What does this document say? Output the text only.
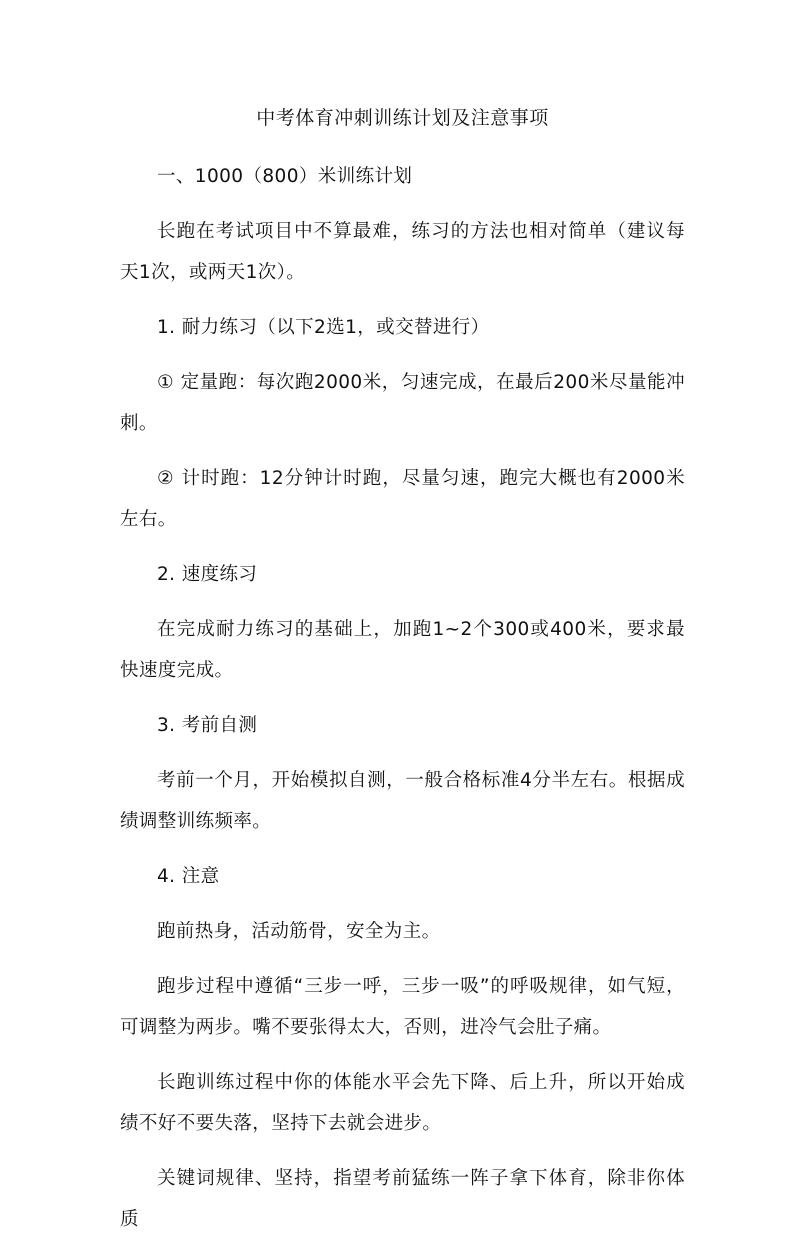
中考体育冲刺训练计划及注意事项

一、1000（800）米训练计划

长跑在考试项目中不算最难，练习的方法也相对简单（建议每天1次，或两天1次）。

1. 耐力练习（以下2选1，或交替进行）

① 定量跑：每次跑2000米，匀速完成，在最后200米尽量能冲刺。

② 计时跑：12分钟计时跑，尽量匀速，跑完大概也有2000米左右。

2. 速度练习

在完成耐力练习的基础上，加跑1~2个300或400米，要求最快速度完成。

3. 考前自测

考前一个月，开始模拟自测，一般合格标准4分半左右。根据成绩调整训练频率。

4. 注意

跑前热身，活动筋骨，安全为主。

跑步过程中遵循“三步一呼，三步一吸”的呼吸规律，如气短，可调整为两步。嘴不要张得太大，否则，进冷气会肚子痛。

长跑训练过程中你的体能水平会先下降、后上升，所以开始成绩不好不要失落，坚持下去就会进步。

关键词规律、坚持，指望考前猛练一阵子拿下体育，除非你体质
